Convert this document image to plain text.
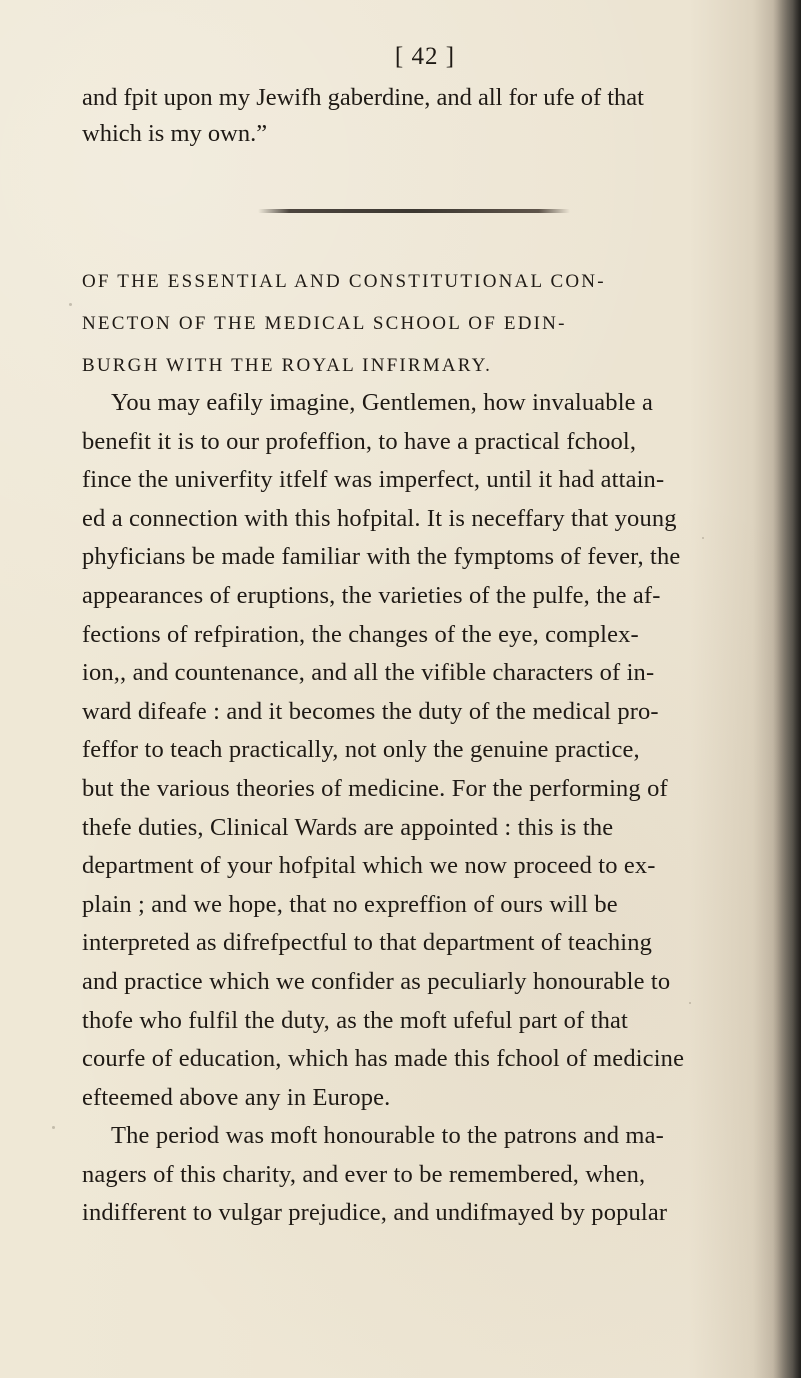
[ 42 ]
and fpit upon my Jewifh gaberdine, and all for ufe of that
which is my own.”
OF THE ESSENTIAL AND CONSTITUTIONAL CON-
NECTON OF THE MEDICAL SCHOOL OF EDIN-
BURGH WITH THE ROYAL INFIRMARY.
You may eafily imagine, Gentlemen, how invaluable a
benefit it is to our profeffion, to have a practical fchool,
fince the univerfity itfelf was imperfect, until it had attain-
ed a connection with this hofpital. It is neceffary that young
phyficians be made familiar with the fymptoms of fever, the
appearances of eruptions, the varieties of the pulfe, the af-
fections of refpiration, the changes of the eye, complex-
ion,, and countenance, and all the vifible characters of in-
ward difeafe : and it becomes the duty of the medical pro-
feffor to teach practically, not only the genuine practice,
but the various theories of medicine. For the performing of
thefe duties, Clinical Wards are appointed : this is the
department of your hofpital which we now proceed to ex-
plain ; and we hope, that no expreffion of ours will be
interpreted as difrefpectful to that department of teaching
and practice which we confider as peculiarly honourable to
thofe who fulfil the duty, as the moft ufeful part of that
courfe of education, which has made this fchool of medicine
efteemed above any in Europe.
The period was moft honourable to the patrons and ma-
nagers of this charity, and ever to be remembered, when,
indifferent to vulgar prejudice, and undifmayed by popular
